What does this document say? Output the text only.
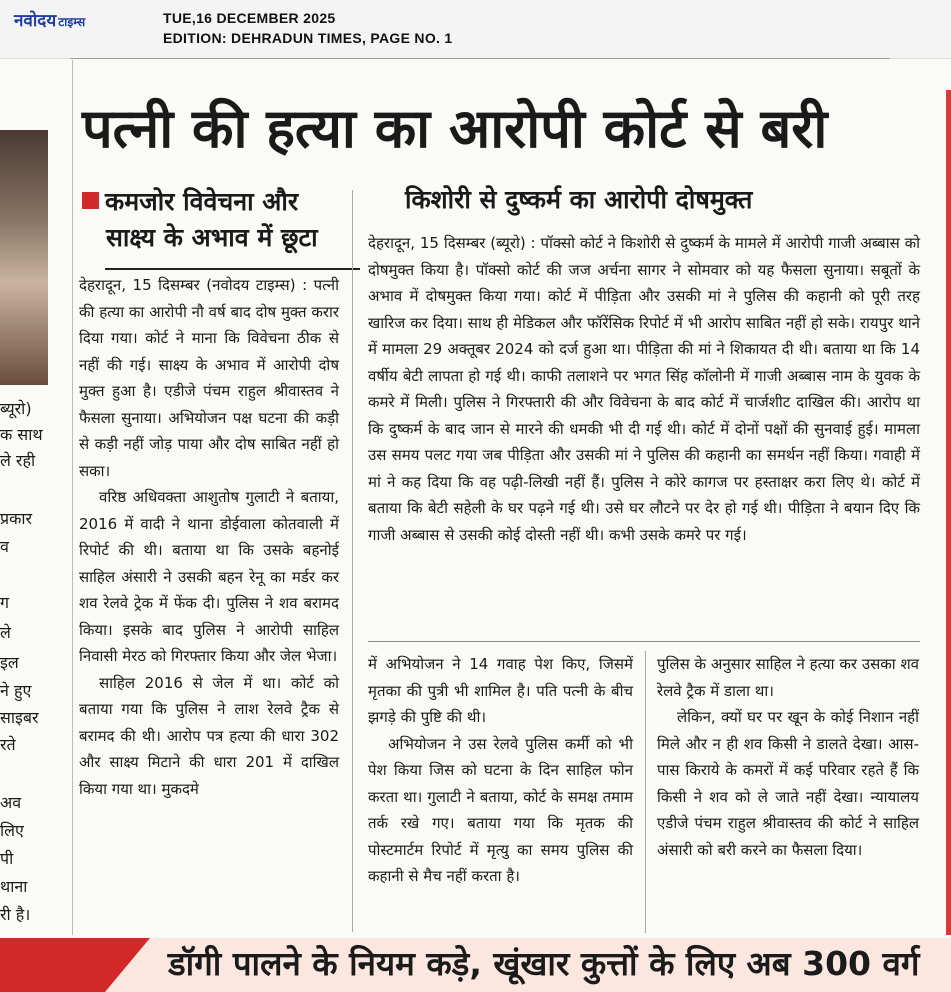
नवोदय टाइम्स	TUE,16 DECEMBER 2025
EDITION: DEHRADUN TIMES, PAGE NO. 1
ब्यूरो)
क साथ
ले रही
प्रकार
व
ग
ले
इल
ने हुए
साइबर
रते
अव
लिए
पी
थाना
री है।
पत्नी की हत्या का आरोपी कोर्ट से बरी
कमजोर विवेचना और
साक्ष्य के अभाव में छूटा
किशोरी से दुष्कर्म का आरोपी दोषमुक्त

देहरादून, 15 दिसम्बर (नवोदय टाइम्स) : पत्नी की हत्या का आरोपी नौ वर्ष बाद दोष मुक्त करार दिया गया। कोर्ट ने माना कि विवेचना ठीक से नहीं की गई। साक्ष्य के अभाव में आरोपी दोष मुक्त हुआ है। एडीजे पंचम राहुल श्रीवास्तव ने फैसला सुनाया। अभियोजन पक्ष घटना की कड़ी से कड़ी नहीं जोड़ पाया और दोष साबित नहीं हो सका।

वरिष्ठ अधिवक्ता आशुतोष गुलाटी ने बताया, 2016 में वादी ने थाना डोईवाला कोतवाली में रिपोर्ट की थी। बताया था कि उसके बहनोई साहिल अंसारी ने उसकी बहन रेनू का मर्डर कर शव रेलवे ट्रेक में फेंक दी। पुलिस ने शव बरामद किया। इसके बाद पुलिस ने आरोपी साहिल निवासी मेरठ को गिरफ्तार किया और जेल भेजा।

साहिल 2016 से जेल में था। कोर्ट को बताया गया कि पुलिस ने लाश रेलवे ट्रैक से बरामद की थी। आरोप पत्र हत्या की धारा 302 और साक्ष्य मिटाने की धारा 201 में दाखिल किया गया था। मुकदमे

देहरादून, 15 दिसम्बर (ब्यूरो) : पॉक्सो कोर्ट ने किशोरी से दुष्कर्म के मामले में आरोपी गाजी अब्बास को दोषमुक्त किया है। पॉक्सो कोर्ट की जज अर्चना सागर ने सोमवार को यह फैसला सुनाया। सबूतों के अभाव में दोषमुक्त किया गया। कोर्ट में पीड़िता और उसकी मां ने पुलिस की कहानी को पूरी तरह खारिज कर दिया। साथ ही मेडिकल और फॉरेंसिक रिपोर्ट में भी आरोप साबित नहीं हो सके। रायपुर थाने में मामला 29 अक्तूबर 2024 को दर्ज हुआ था। पीड़िता की मां ने शिकायत दी थी। बताया था कि 14 वर्षीय बेटी लापता हो गई थी। काफी तलाशने पर भगत सिंह कॉलोनी में गाजी अब्बास नाम के युवक के कमरे में मिली। पुलिस ने गिरफ्तारी की और विवेचना के बाद कोर्ट में चार्जशीट दाखिल की। आरोप था कि दुष्कर्म के बाद जान से मारने की धमकी भी दी गई थी। कोर्ट में दोनों पक्षों की सुनवाई हुई। मामला उस समय पलट गया जब पीड़िता और उसकी मां ने पुलिस की कहानी का समर्थन नहीं किया। गवाही में मां ने कह दिया कि वह पढ़ी-लिखी नहीं हैं। पुलिस ने कोरे कागज पर हस्ताक्षर करा लिए थे। कोर्ट में बताया कि बेटी सहेली के घर पढ़ने गई थी। उसे घर लौटने पर देर हो गई थी। पीड़िता ने बयान दिए कि गाजी अब्बास से उसकी कोई दोस्ती नहीं थी। कभी उसके कमरे पर गई।

में अभियोजन ने 14 गवाह पेश किए, जिसमें मृतका की पुत्री भी शामिल है। पति पत्नी के बीच झगड़े की पुष्टि की थी।

अभियोजन ने उस रेलवे पुलिस कर्मी को भी पेश किया जिस को घटना के दिन साहिल फोन करता था। गुलाटी ने बताया, कोर्ट के समक्ष तमाम तर्क रखे गए। बताया गया कि मृतक की पोस्टमार्टम रिपोर्ट में मृत्यु का समय पुलिस की कहानी से मैच नहीं करता है।

पुलिस के अनुसार साहिल ने हत्या कर उसका शव रेलवे ट्रैक में डाला था।

लेकिन, क्यों घर पर खून के कोई निशान नहीं मिले और न ही शव किसी ने डालते देखा। आस-पास किराये के कमरों में कई परिवार रहते हैं कि किसी ने शव को ले जाते नहीं देखा। न्यायालय एडीजे पंचम राहुल श्रीवास्तव की कोर्ट ने साहिल अंसारी को बरी करने का फैसला दिया।

डॉगी पालने के नियम कड़े, खूंखार कुत्तों के लिए अब 300 वर्ग
